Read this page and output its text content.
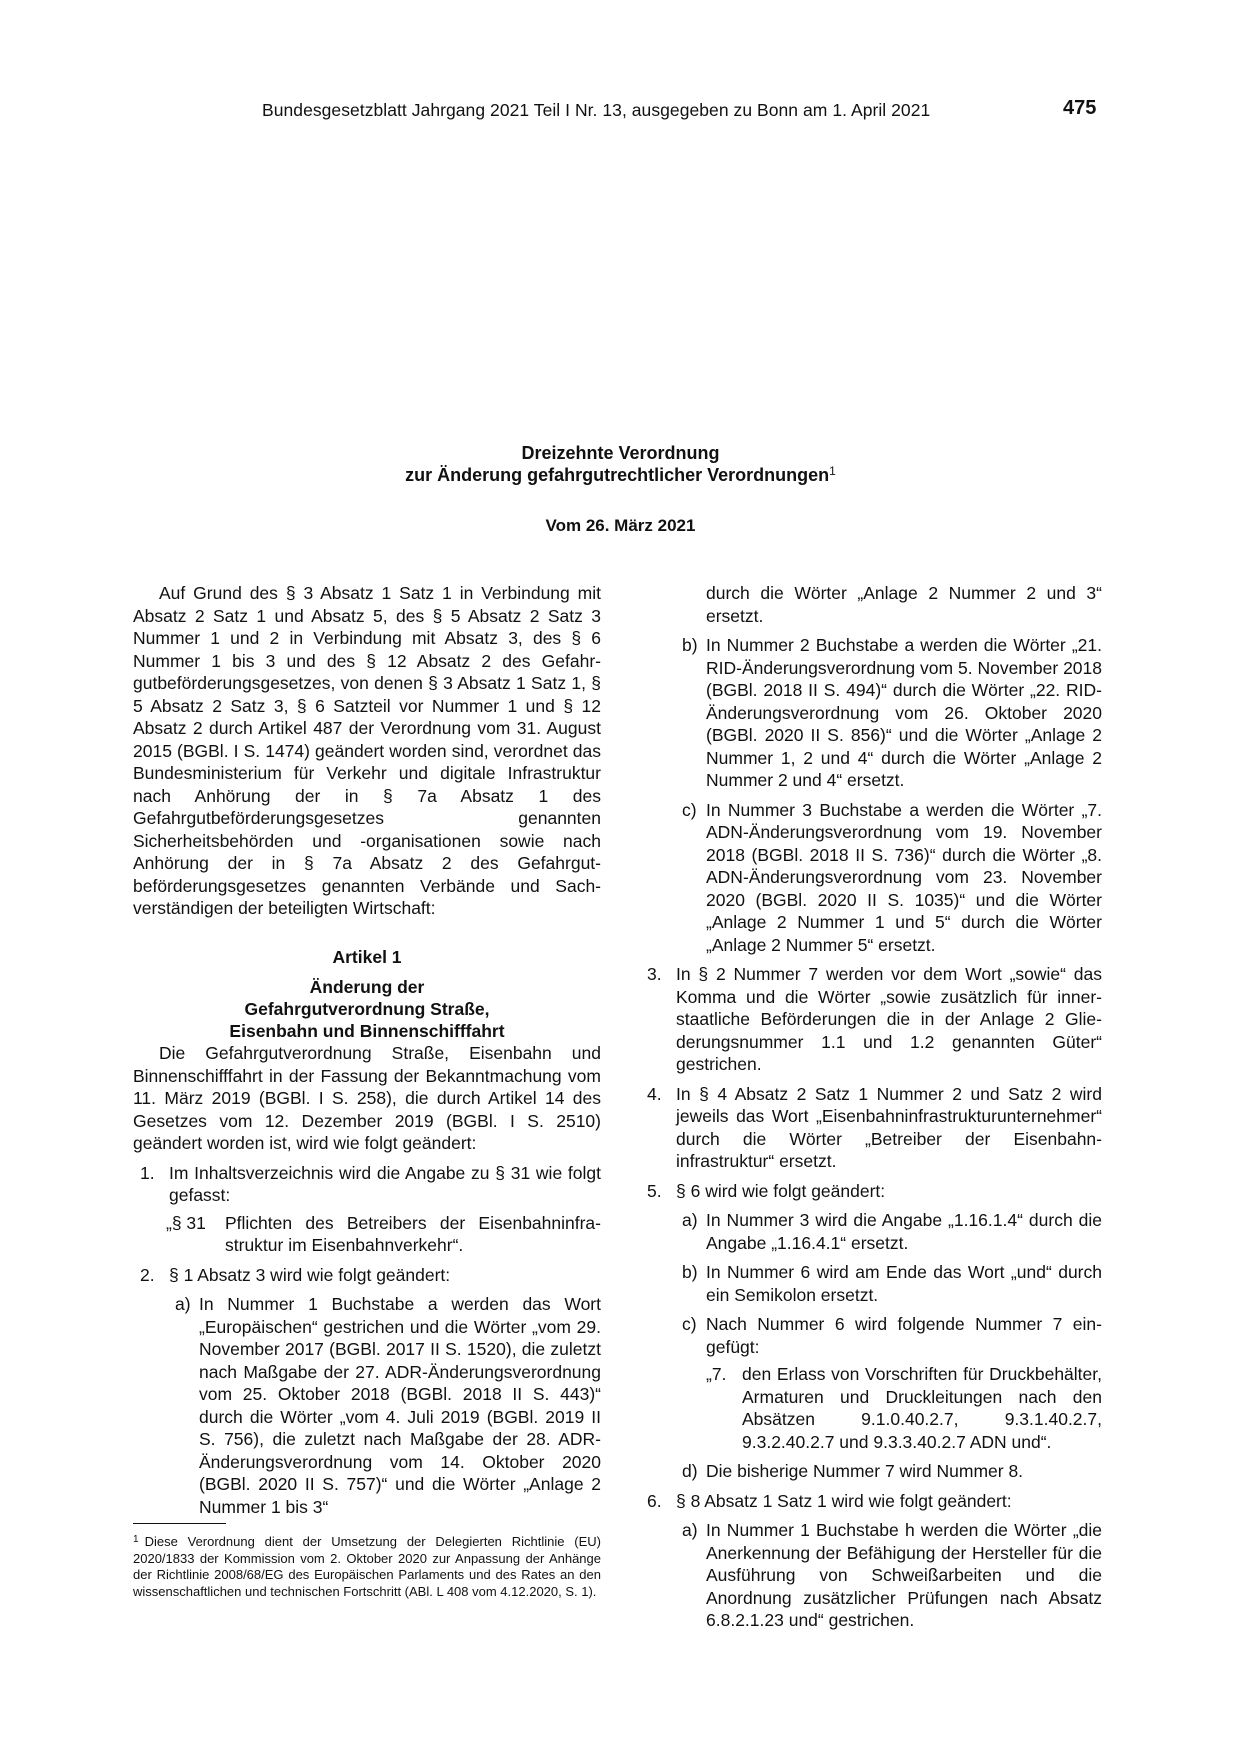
Bundesgesetzblatt Jahrgang 2021 Teil I Nr. 13, ausgegeben zu Bonn am 1. April 2021	475

Dreizehnte Verordnung

zur Änderung gefahrgutrechtlicher Verordnungen$^1$

Vom 26. März 2021

Auf Grund des § 3 Absatz 1 Satz 1 in Verbindung mit Absatz 2 Satz 1 und Absatz 5, des § 5 Absatz 2 Satz 3 Nummer 1 und 2 in Verbindung mit Absatz 3, des § 6 Nummer 1 bis 3 und des § 12 Absatz 2 des Gefahrgutbeförderungsgesetzes, von denen § 3 Absatz 1 Satz 1, § 5 Absatz 2 Satz 3, § 6 Satzteil vor Nummer 1 und § 12 Absatz 2 durch Artikel 487 der Verordnung vom 31. August 2015 (BGBl. I S. 1474) geändert worden sind, verordnet das Bundesministerium für Verkehr und digitale Infrastruktur nach Anhörung der in § 7a Absatz 1 des Gefahrgutbeförderungsgesetzes genannten Sicherheitsbehörden und -organisationen sowie nach Anhörung der in § 7a Absatz 2 des Gefahrgutbeförderungsgesetzes genannten Verbände und Sachverständigen der beteiligten Wirtschaft:

Artikel 1
Änderung der
Gefahrgutverordnung Straße,
Eisenbahn und Binnenschifffahrt

Die Gefahrgutverordnung Straße, Eisenbahn und Binnenschifffahrt in der Fassung der Bekanntmachung vom 11. März 2019 (BGBl. I S. 258), die durch Artikel 14 des Gesetzes vom 12. Dezember 2019 (BGBl. I S. 2510) geändert worden ist, wird wie folgt geändert:

1. Im Inhaltsverzeichnis wird die Angabe zu § 31 wie folgt gefasst:
„§ 31 Pflichten des Betreibers der Eisenbahninfrastruktur im Eisenbahnverkehr“.
2. § 1 Absatz 3 wird wie folgt geändert:
a) In Nummer 1 Buchstabe a werden das Wort „Europäischen“ gestrichen und die Wörter „vom 29. November 2017 (BGBl. 2017 II S. 1520), die zuletzt nach Maßgabe der 27. ADR-Änderungsverordnung vom 25. Oktober 2018 (BGBl. 2018 II S. 443)“ durch die Wörter „vom 4. Juli 2019 (BGBl. 2019 II S. 756), die zuletzt nach Maßgabe der 28. ADR-Änderungsverordnung vom 14. Oktober 2020 (BGBl. 2020 II S. 757)“ und die Wörter „Anlage 2 Nummer 1 bis 3“
durch die Wörter „Anlage 2 Nummer 2 und 3“ ersetzt.
b) In Nummer 2 Buchstabe a werden die Wörter „21. RID-Änderungsverordnung vom 5. November 2018 (BGBl. 2018 II S. 494)“ durch die Wörter „22. RID-Änderungsverordnung vom 26. Oktober 2020 (BGBl. 2020 II S. 856)“ und die Wörter „Anlage 2 Nummer 1, 2 und 4“ durch die Wörter „Anlage 2 Nummer 2 und 4“ ersetzt.
c) In Nummer 3 Buchstabe a werden die Wörter „7. ADN-Änderungsverordnung vom 19. November 2018 (BGBl. 2018 II S. 736)“ durch die Wörter „8. ADN-Änderungsverordnung vom 23. November 2020 (BGBl. 2020 II S. 1035)“ und die Wörter „Anlage 2 Nummer 1 und 5“ durch die Wörter „Anlage 2 Nummer 5“ ersetzt.
3. In § 2 Nummer 7 werden vor dem Wort „sowie“ das Komma und die Wörter „sowie zusätzlich für innerstaatliche Beförderungen die in der Anlage 2 Gliederungsnummer 1.1 und 1.2 genannten Güter“ gestrichen.
4. In § 4 Absatz 2 Satz 1 Nummer 2 und Satz 2 wird jeweils das Wort „Eisenbahninfrastrukturunternehmer“ durch die Wörter „Betreiber der Eisenbahninfrastruktur“ ersetzt.
5. § 6 wird wie folgt geändert:
a) In Nummer 3 wird die Angabe „1.16.1.4“ durch die Angabe „1.16.4.1“ ersetzt.
b) In Nummer 6 wird am Ende das Wort „und“ durch ein Semikolon ersetzt.
c) Nach Nummer 6 wird folgende Nummer 7 eingefügt:
„7. den Erlass von Vorschriften für Druckbehälter, Armaturen und Druckleitungen nach den Absätzen 9.1.0.40.2.7, 9.3.1.40.2.7, 9.3.2.40.2.7 und 9.3.3.40.2.7 ADN und“.
d) Die bisherige Nummer 7 wird Nummer 8.
6. § 8 Absatz 1 Satz 1 wird wie folgt geändert:
a) In Nummer 1 Buchstabe h werden die Wörter „die Anerkennung der Befähigung der Hersteller für die Ausführung von Schweißarbeiten und die Anordnung zusätzlicher Prüfungen nach Absatz 6.8.2.1.23 und“ gestrichen.
$^1$ Diese Verordnung dient der Umsetzung der Delegierten Richtlinie (EU) 2020/1833 der Kommission vom 2. Oktober 2020 zur Anpassung der Anhänge der Richtlinie 2008/68/EG des Europäischen Parlaments und des Rates an den wissenschaftlichen und technischen Fortschritt (ABl. L 408 vom 4.12.2020, S. 1).
